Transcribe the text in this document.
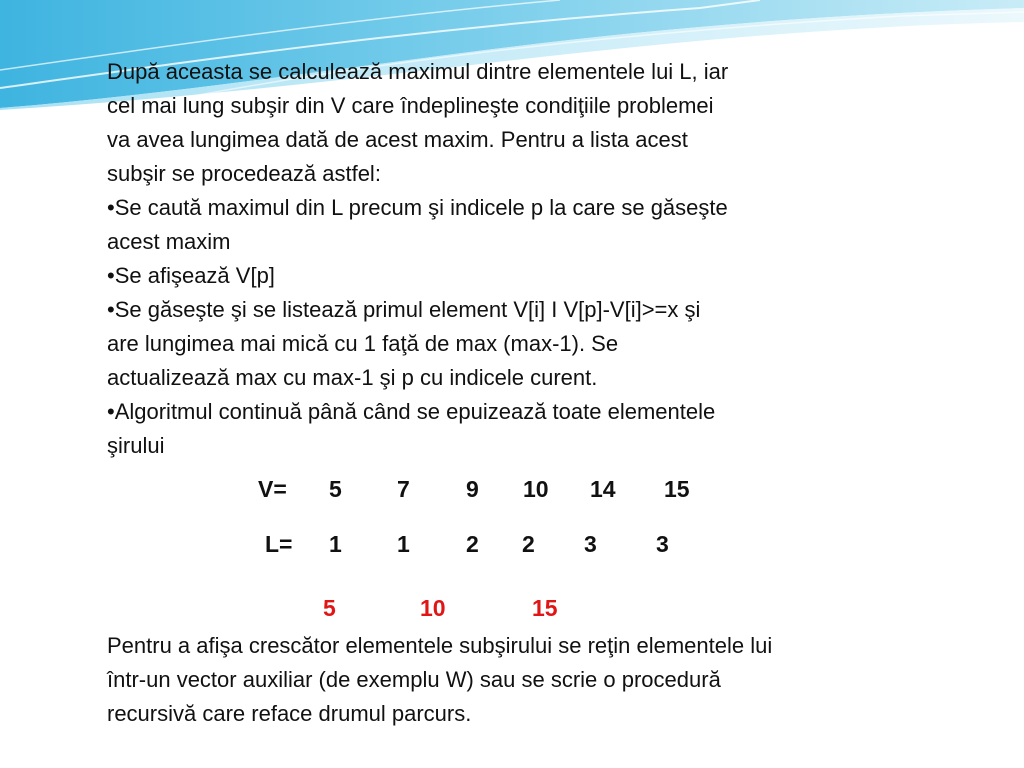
După aceasta se calculează maximul dintre elementele lui L, iar
cel mai lung subşir din V care îndeplineşte condiţiile problemei
va avea lungimea dată de acest maxim. Pentru a lista acest
subşir se procedează astfel:
•Se caută maximul din L precum şi indicele p la care se găseşte
acest maxim
•Se afişează V[p]
•Se găseşte şi se listează primul element V[i] I V[p]-V[i]>=x şi
are lungimea mai mică cu 1 faţă de max (max-1). Se
actualizează max cu max-1 şi p cu indicele curent.
•Algoritmul continuă până când se epuizează toate elementele
şirului
V= 5 7 9 10 14 15
L= 1 1 2 2 3	3
5	10	15
Pentru a afişa crescător elementele subşirului se reţin elementele lui
într-un vector auxiliar (de exemplu W) sau se scrie o procedură
recursivă care reface drumul parcurs.
